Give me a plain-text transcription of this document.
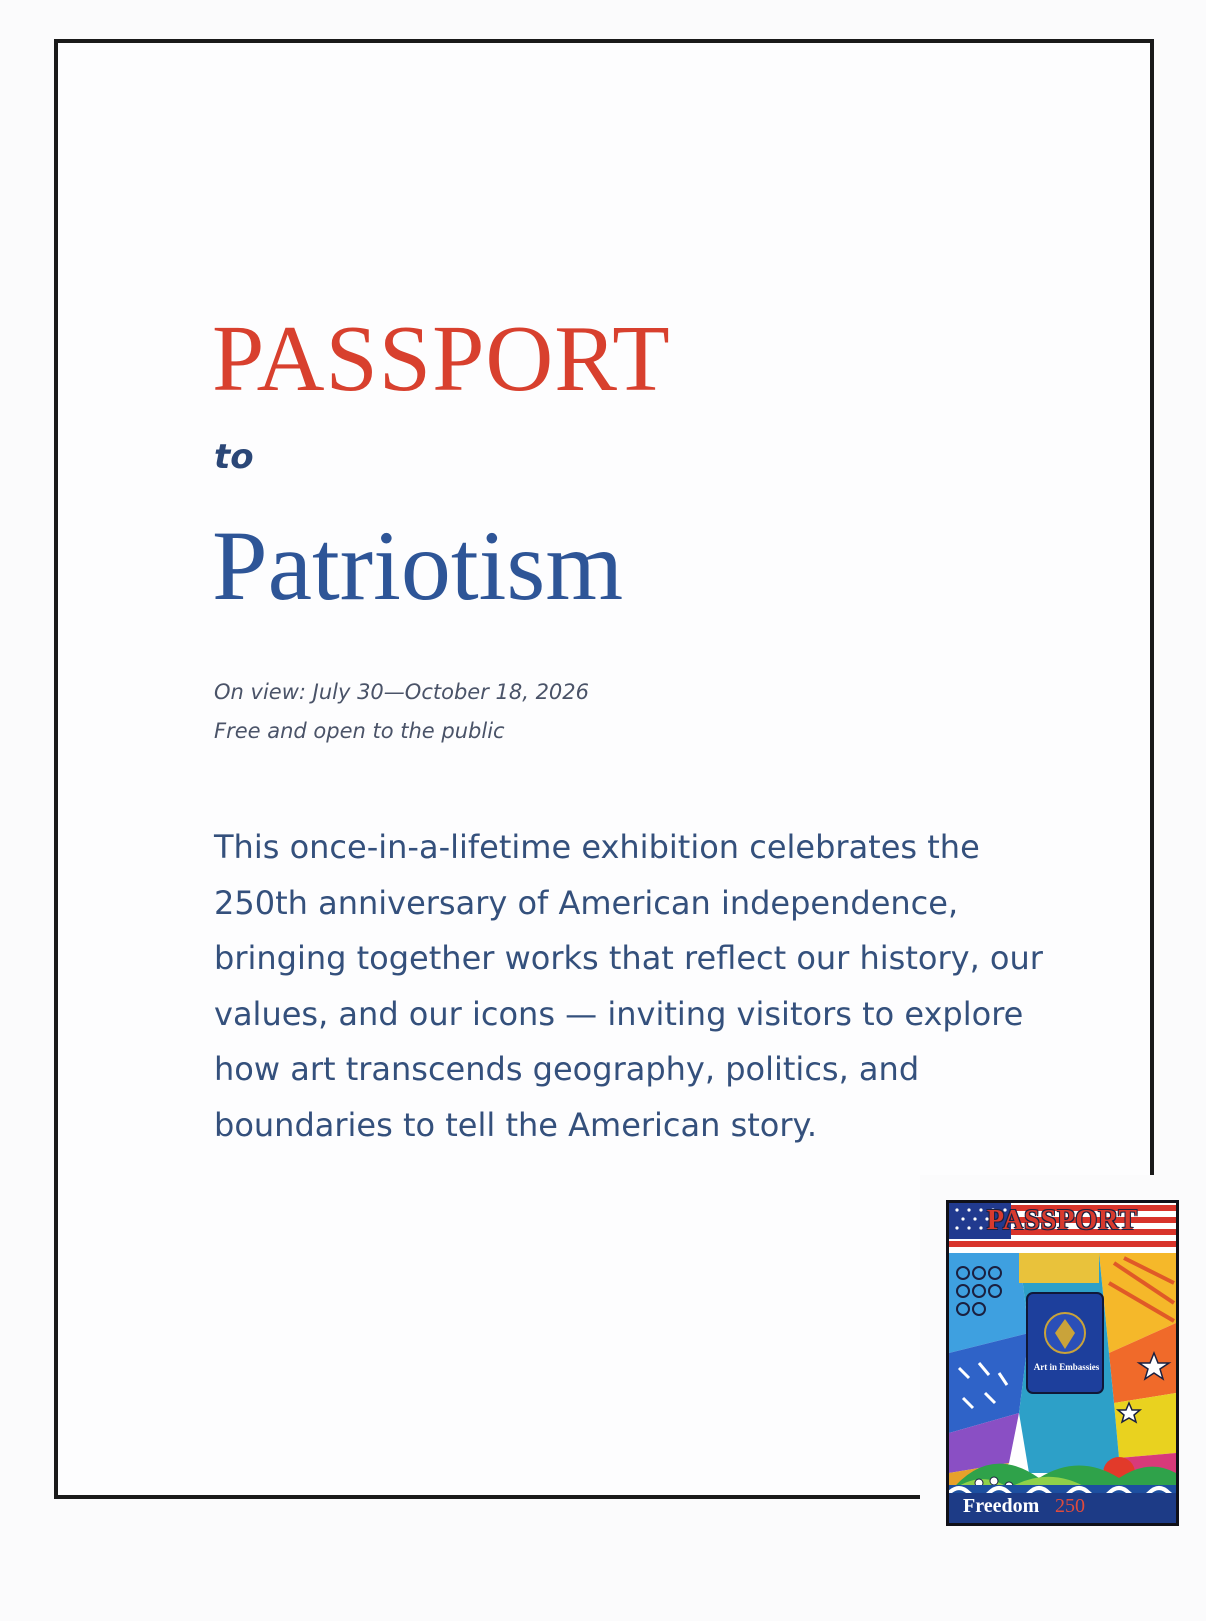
PASSPORT
to
Patriotism
On view: July 30—October 18, 2026
Free and open to the public
This once-in-a-lifetime exhibition celebrates the
250th anniversary of American independence,
bringing together works that reflect our history, our
values, and our icons — inviting visitors to explore
how art transcends geography, politics, and
boundaries to tell the American story.
PASSPORT
Art in Embassies
Freedom 250
